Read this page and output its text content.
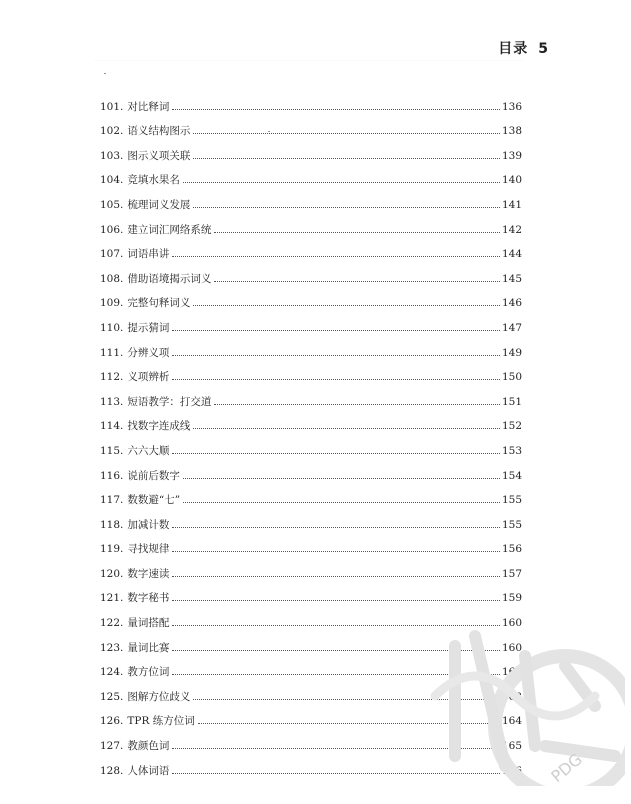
目录 5
101. 对比释词	136
102. 语义结构图示	138
103. 图示义项关联	139
104. 竞填水果名	140
105. 梳理词义发展	141
106. 建立词汇网络系统	142
107. 词语串讲	144
108. 借助语境揭示词义	145
109. 完整句释词义	146
110. 提示猜词	147
111. 分辨义项	149
112. 义项辨析	150
113. 短语教学：打交道	151
114. 找数字连成线	152
115. 六六大顺	153
116. 说前后数字	154
117. 数数避“七”	155
118. 加减计数	155
119. 寻找规律	156
120. 数字速读	157
121. 数字秘书	159
122. 量词搭配	160
123. 量词比赛	160
124. 教方位词	161
125. 图解方位歧义	163
126. TPR 练方位词	164
127. 教颜色词	165
128. 人体词语	166 PDG
